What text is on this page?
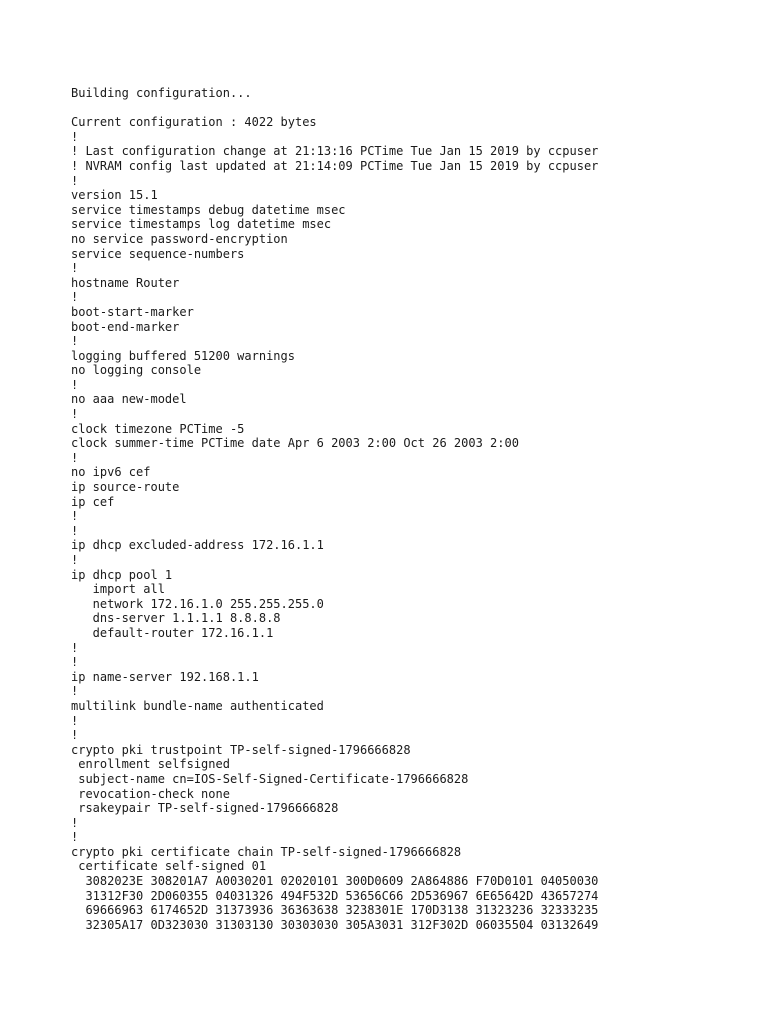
Building configuration...
Current configuration : 4022 bytes
!
! Last configuration change at 21:13:16 PCTime Tue Jan 15 2019 by ccpuser
! NVRAM config last updated at 21:14:09 PCTime Tue Jan 15 2019 by ccpuser
!
version 15.1
service timestamps debug datetime msec
service timestamps log datetime msec
no service password-encryption
service sequence-numbers
!
hostname Router
!
boot-start-marker
boot-end-marker
!
logging buffered 51200 warnings
no logging console
!
no aaa new-model
!
clock timezone PCTime -5
clock summer-time PCTime date Apr 6 2003 2:00 Oct 26 2003 2:00
!
no ipv6 cef
ip source-route
ip cef
!
!
ip dhcp excluded-address 172.16.1.1
!
ip dhcp pool 1
import all
network 172.16.1.0 255.255.255.0
dns-server 1.1.1.1 8.8.8.8
default-router 172.16.1.1
!
!
ip name-server 192.168.1.1
!
multilink bundle-name authenticated
!
!
crypto pki trustpoint TP-self-signed-1796666828
enrollment selfsigned
subject-name cn=IOS-Self-Signed-Certificate-1796666828
revocation-check none
rsakeypair TP-self-signed-1796666828
!
!
crypto pki certificate chain TP-self-signed-1796666828
certificate self-signed 01
3082023E 308201A7 A0030201 02020101 300D0609 2A864886 F70D0101 04050030
31312F30 2D060355 04031326 494F532D 53656C66 2D536967 6E65642D 43657274
69666963 6174652D 31373936 36363638 3238301E 170D3138 31323236 32333235
32305A17 0D323030 31303130 30303030 305A3031 312F302D 06035504 03132649
